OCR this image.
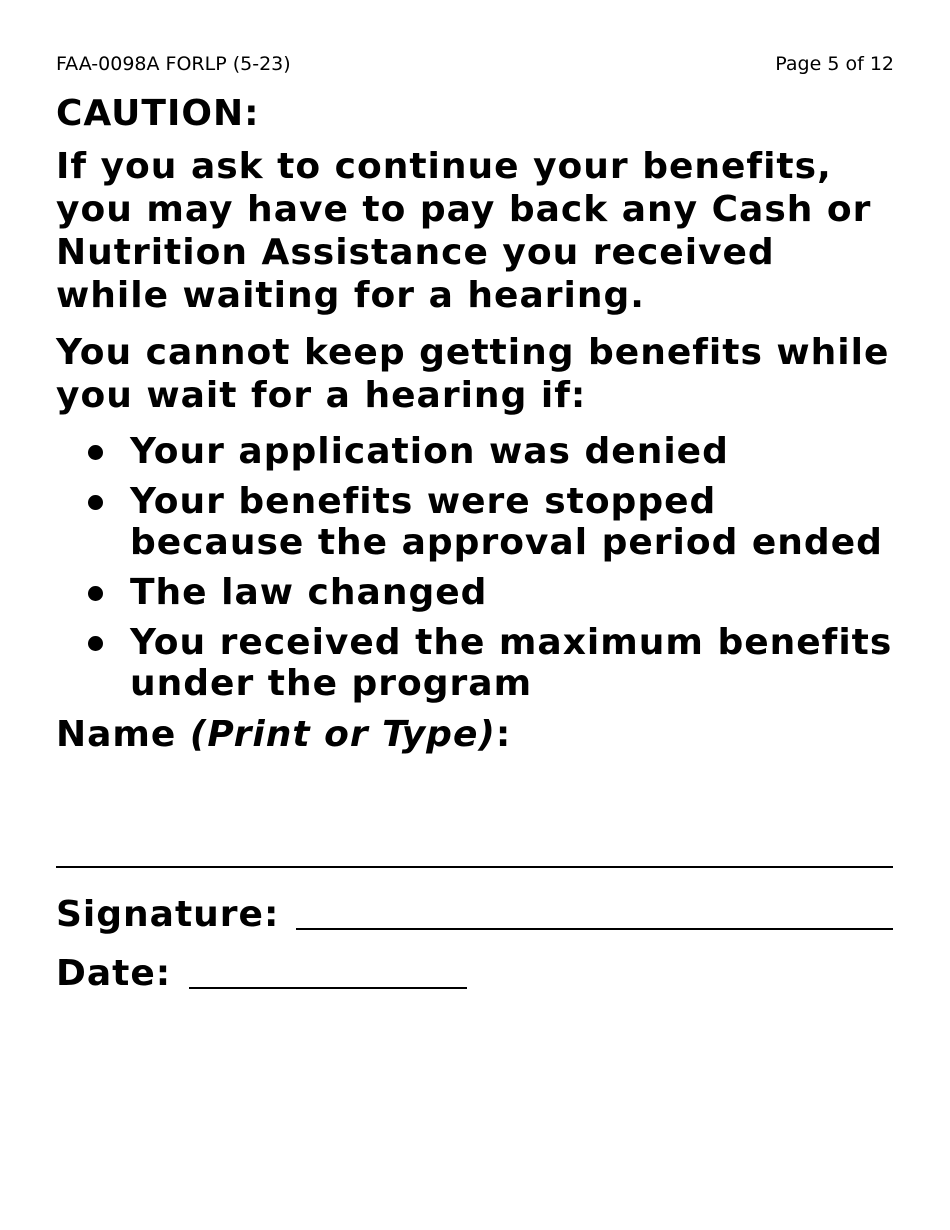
FAA-0098A FORLP (5-23)	Page 5 of 12

CAUTION:

If you ask to continue your benefits, you may have to pay back any Cash or Nutrition Assistance you received while waiting for a hearing.

You cannot keep getting benefits while you wait for a hearing if:

Your application was denied
Your benefits were stopped because the approval period ended
The law changed
You received the maximum benefits under the program

Name (Print or Type):

Signature:
Date:
